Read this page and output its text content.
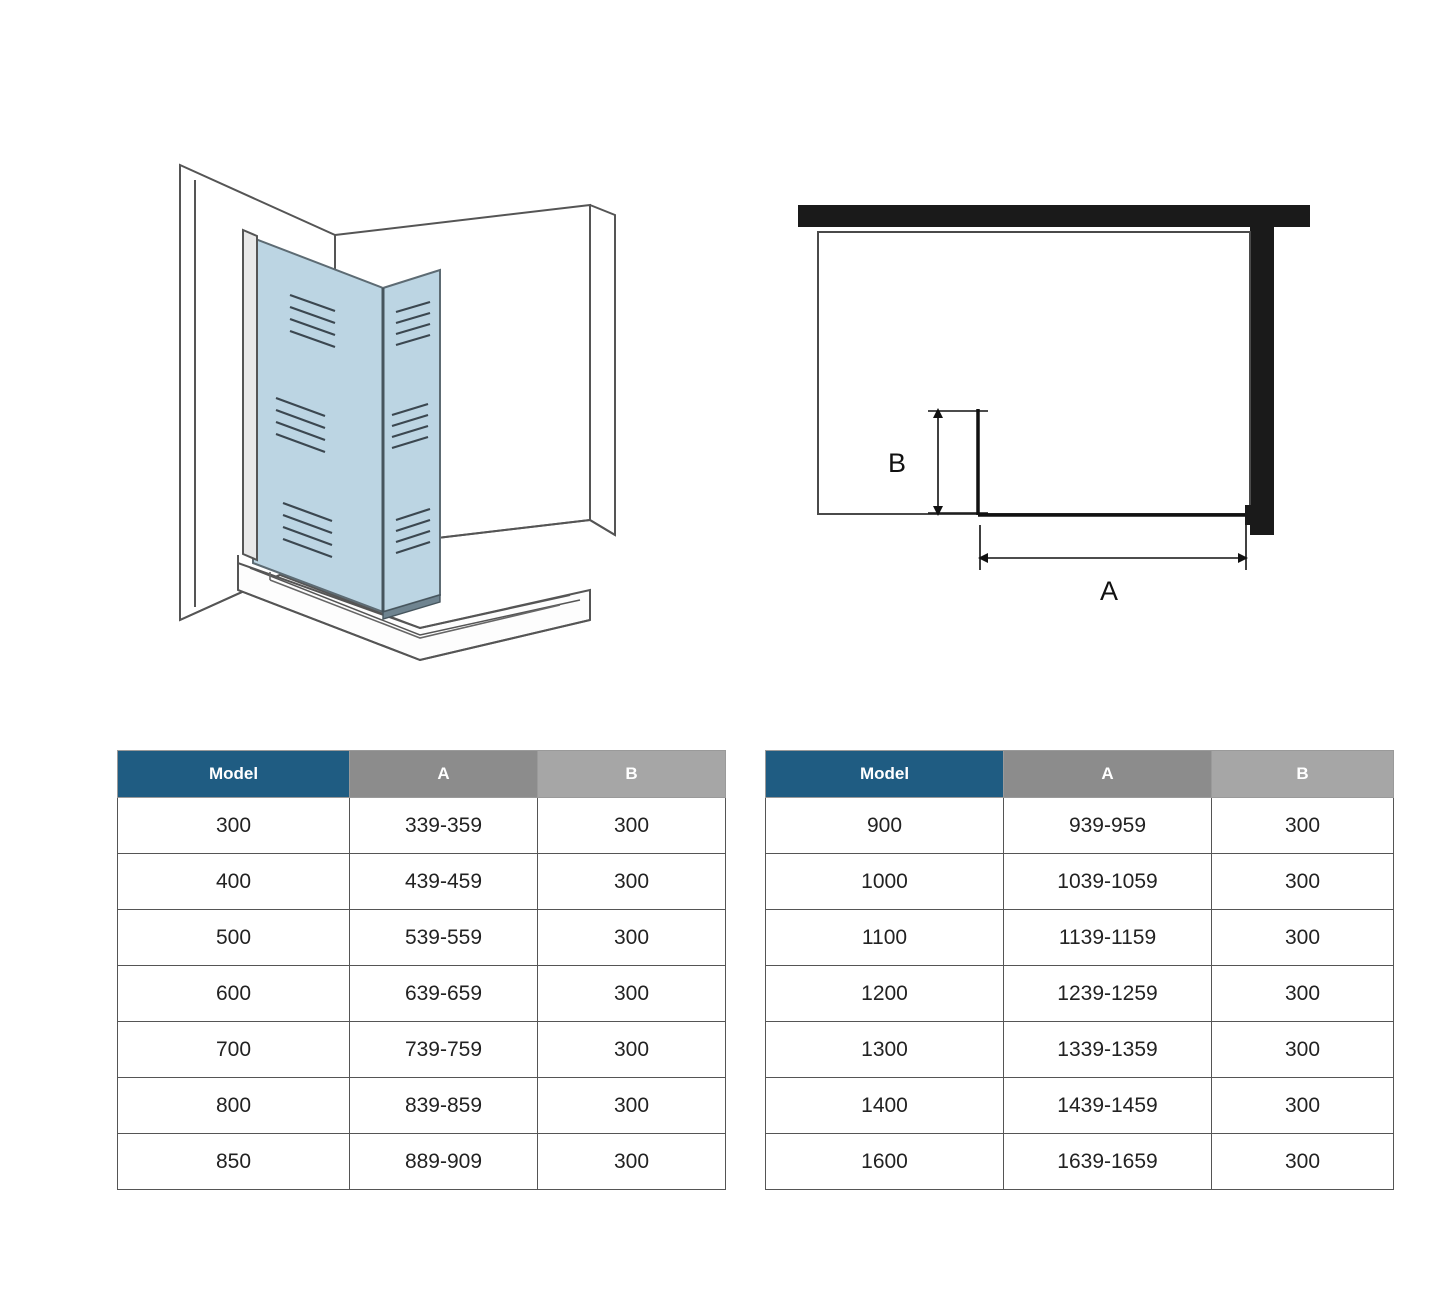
B
A
Model	A	B
300	339-359	300
400	439-459	300
500	539-559	300
600	639-659	300
700	739-759	300
800	839-859	300
850	889-909	300
Model	A	B
900	939-959	300
1000	1039-1059	300
1100	1139-1159	300
1200	1239-1259	300
1300	1339-1359	300
1400	1439-1459	300
1600	1639-1659	300
